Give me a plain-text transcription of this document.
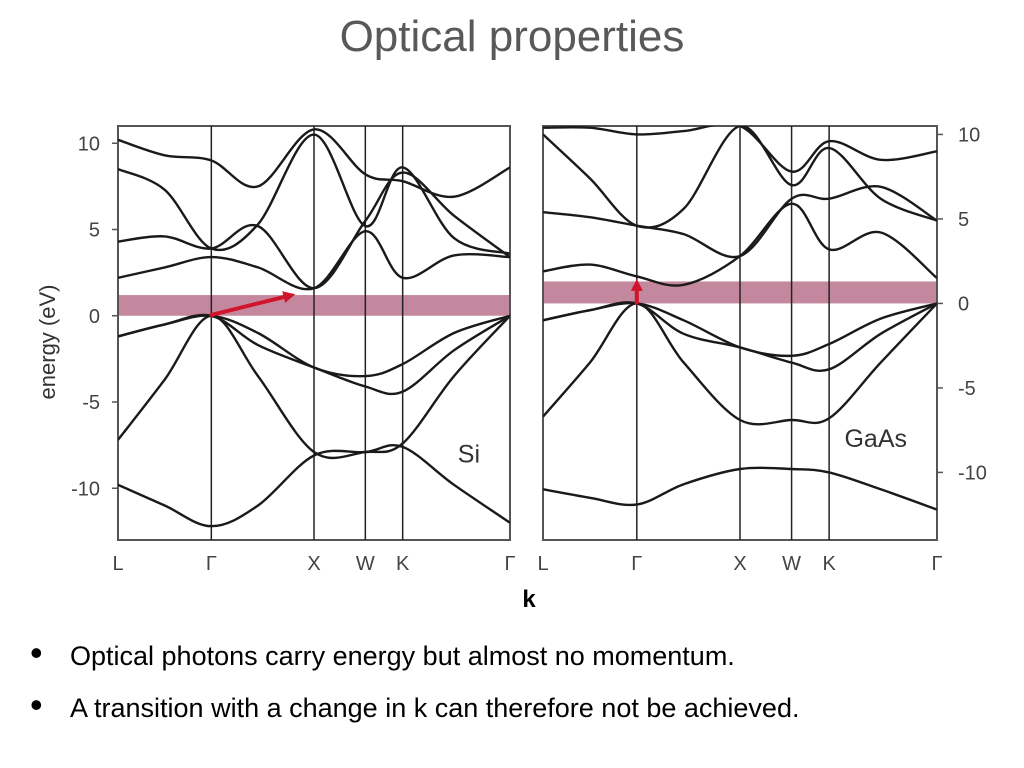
Optical properties
L	Γ	X W K	Γ
10
5
0
-5
-10
Si
L	Γ	X W K	Γ
10
5
0
-5
-10
GaAs
energy (eV)
k
• Optical photons carry energy but almost no momentum.
• A transition with a change in k can therefore not be achieved.
